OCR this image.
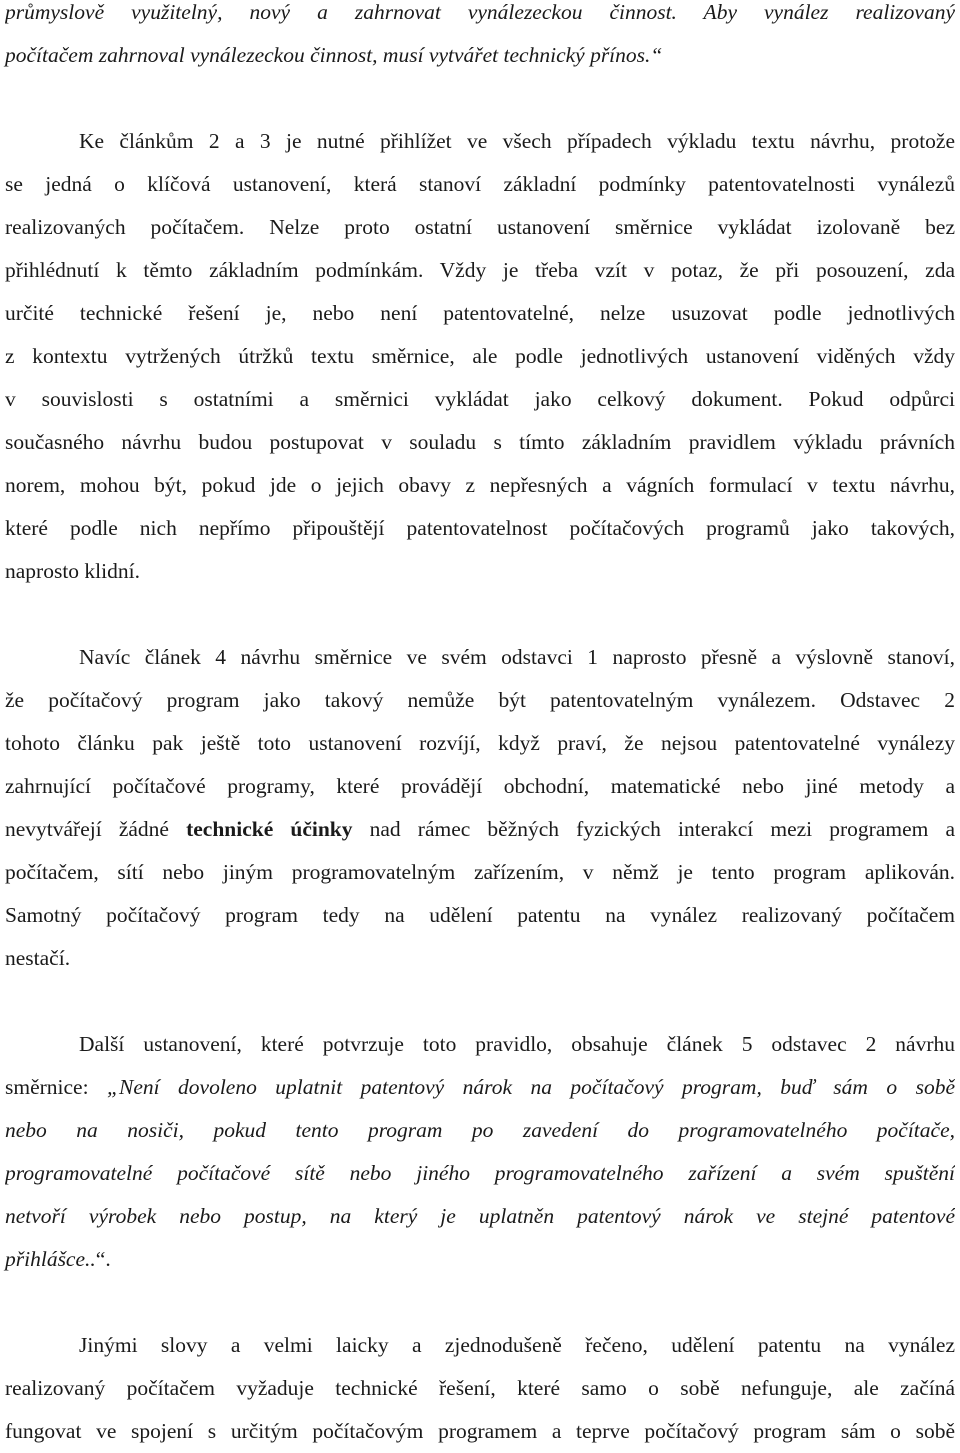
průmyslově využitelný, nový a zahrnovat vynálezeckou činnost. Aby vynález realizovaný
počítačem zahrnoval vynálezeckou činnost, musí vytvářet technický přínos.“
Ke článkům 2 a 3 je nutné přihlížet ve všech případech výkladu textu návrhu, protože
se jedná o klíčová ustanovení, která stanoví základní podmínky patentovatelnosti vynálezů
realizovaných počítačem. Nelze proto ostatní ustanovení směrnice vykládat izolovaně bez
přihlédnutí k těmto základním podmínkám. Vždy je třeba vzít v potaz, že při posouzení, zda
určité technické řešení je, nebo není patentovatelné, nelze usuzovat podle jednotlivých
z kontextu vytržených útržků textu směrnice, ale podle jednotlivých ustanovení viděných vždy
v souvislosti s ostatními a směrnici vykládat jako celkový dokument. Pokud odpůrci
současného návrhu budou postupovat v souladu s tímto základním pravidlem výkladu právních
norem, mohou být, pokud jde o jejich obavy z nepřesných a vágních formulací v textu návrhu,
které podle nich nepřímo připouštějí patentovatelnost počítačových programů jako takových,
naprosto klidní.
Navíc článek 4 návrhu směrnice ve svém odstavci 1 naprosto přesně a výslovně stanoví,
že počítačový program jako takový nemůže být patentovatelným vynálezem. Odstavec 2
tohoto článku pak ještě toto ustanovení rozvíjí, když praví, že nejsou patentovatelné vynálezy
zahrnující počítačové programy, které provádějí obchodní, matematické nebo jiné metody a
nevytvářejí žádné technické účinky nad rámec běžných fyzických interakcí mezi programem a
počítačem, sítí nebo jiným programovatelným zařízením, v němž je tento program aplikován.
Samotný počítačový program tedy na udělení patentu na vynález realizovaný počítačem
nestačí.
Další ustanovení, které potvrzuje toto pravidlo, obsahuje článek 5 odstavec 2 návrhu
směrnice: „Není dovoleno uplatnit patentový nárok na počítačový program, buď sám o sobě
nebo na nosiči, pokud tento program po zavedení do programovatelného počítače,
programovatelné počítačové sítě nebo jiného programovatelného zařízení a svém spuštění
netvoří výrobek nebo postup, na který je uplatněn patentový nárok ve stejné patentové
přihlášce..“.
Jinými slovy a velmi laicky a zjednodušeně řečeno, udělení patentu na vynález
realizovaný počítačem vyžaduje technické řešení, které samo o sobě nefunguje, ale začíná
fungovat ve spojení s určitým počítačovým programem a teprve počítačový program sám o sobě
